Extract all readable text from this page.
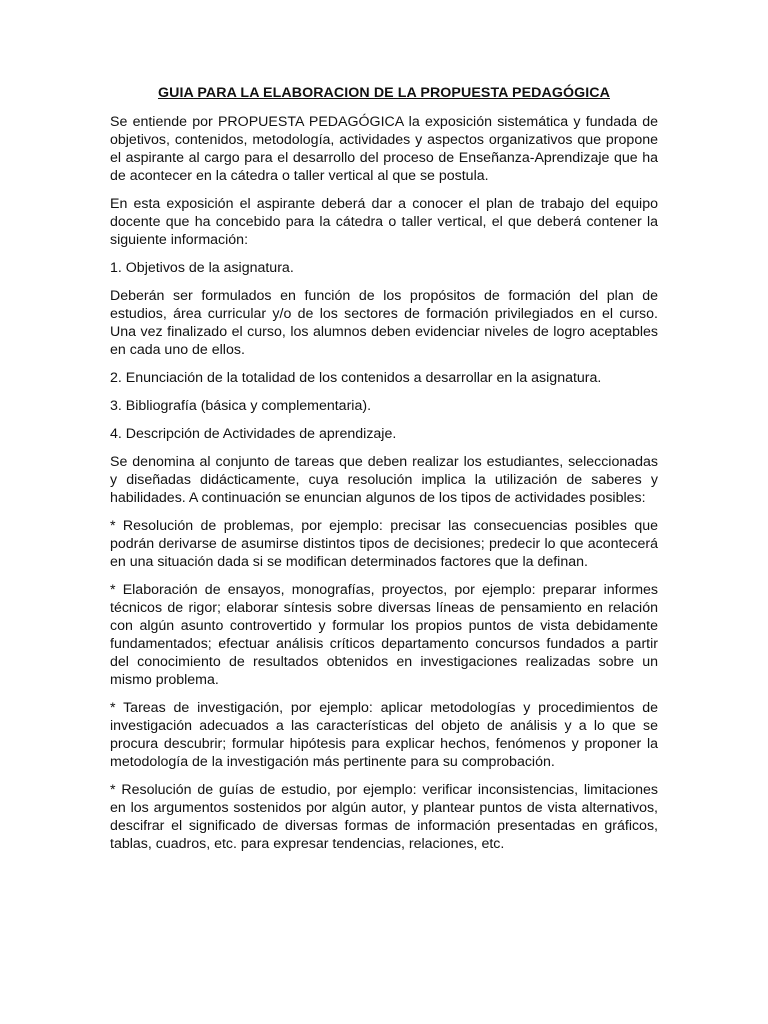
GUIA PARA LA ELABORACION DE LA PROPUESTA PEDAGÓGICA

Se entiende por PROPUESTA PEDAGÓGICA la exposición sistemática y fundada de objetivos, contenidos, metodología, actividades y aspectos organizativos que propone el aspirante al cargo para el desarrollo del proceso de Enseñanza-Aprendizaje que ha de acontecer en la cátedra o taller vertical al que se postula.

En esta exposición el aspirante deberá dar a conocer el plan de trabajo del equipo docente que ha concebido para la cátedra o taller vertical, el que deberá contener la siguiente información:

1. Objetivos de la asignatura.

Deberán ser formulados en función de los propósitos de formación del plan de estudios, área curricular y/o de los sectores de formación privilegiados en el curso. Una vez finalizado el curso, los alumnos deben evidenciar niveles de logro aceptables en cada uno de ellos.

2. Enunciación de la totalidad de los contenidos a desarrollar en la asignatura.

3. Bibliografía (básica y complementaria).

4. Descripción de Actividades de aprendizaje.

Se denomina al conjunto de tareas que deben realizar los estudiantes, seleccionadas y diseñadas didácticamente, cuya resolución implica la utilización de saberes y habilidades. A continuación se enuncian algunos de los tipos de actividades posibles:

* Resolución de problemas, por ejemplo: precisar las consecuencias posibles que podrán derivarse de asumirse distintos tipos de decisiones; predecir lo que acontecerá en una situación dada si se modifican determinados factores que la definan.

* Elaboración de ensayos, monografías, proyectos, por ejemplo: preparar informes técnicos de rigor; elaborar síntesis sobre diversas líneas de pensamiento en relación con algún asunto controvertido y formular los propios puntos de vista debidamente fundamentados; efectuar análisis críticos departamento concursos fundados a partir del conocimiento de resultados obtenidos en investigaciones realizadas sobre un mismo problema.

* Tareas de investigación, por ejemplo: aplicar metodologías y procedimientos de investigación adecuados a las características del objeto de análisis y a lo que se procura descubrir; formular hipótesis para explicar hechos, fenómenos y proponer la metodología de la investigación más pertinente para su comprobación.

* Resolución de guías de estudio, por ejemplo: verificar inconsistencias, limitaciones en los argumentos sostenidos por algún autor, y plantear puntos de vista alternativos, descifrar el significado de diversas formas de información presentadas en gráficos, tablas, cuadros, etc. para expresar tendencias, relaciones, etc.
